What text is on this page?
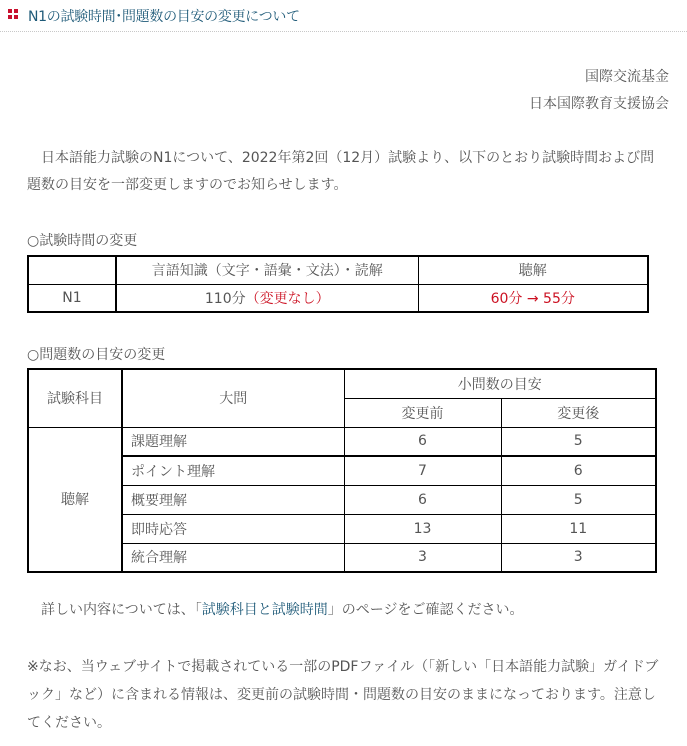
N1の試験時間･問題数の目安の変更について
国際交流基金
日本国際教育支援協会

日本語能力試験のN1について、2022年第2回（12月）試験より、以下のとおり試験時間および問題数の目安を一部変更しますのでお知らせします。

○試験時間の変更
	言語知識（文字・語彙・文法）・読解	聴解
N1	110分（変更なし）	60分 → 55分
○問題数の目安の変更
試験科目	大問	小問数の目安	
		変更前	変更後
聴解	課題理解	6	5
	ポイント理解	7	6
	概要理解	6	5
	即時応答	13	11
	統合理解	3	3

詳しい内容については、「試験科目と試験時間」のページをご確認ください。

※なお、当ウェブサイトで掲載されている一部のPDFファイル（「新しい「日本語能力試験」ガイドブック」など）に含まれる情報は、変更前の試験時間・問題数の目安のままになっております。注意してください。
